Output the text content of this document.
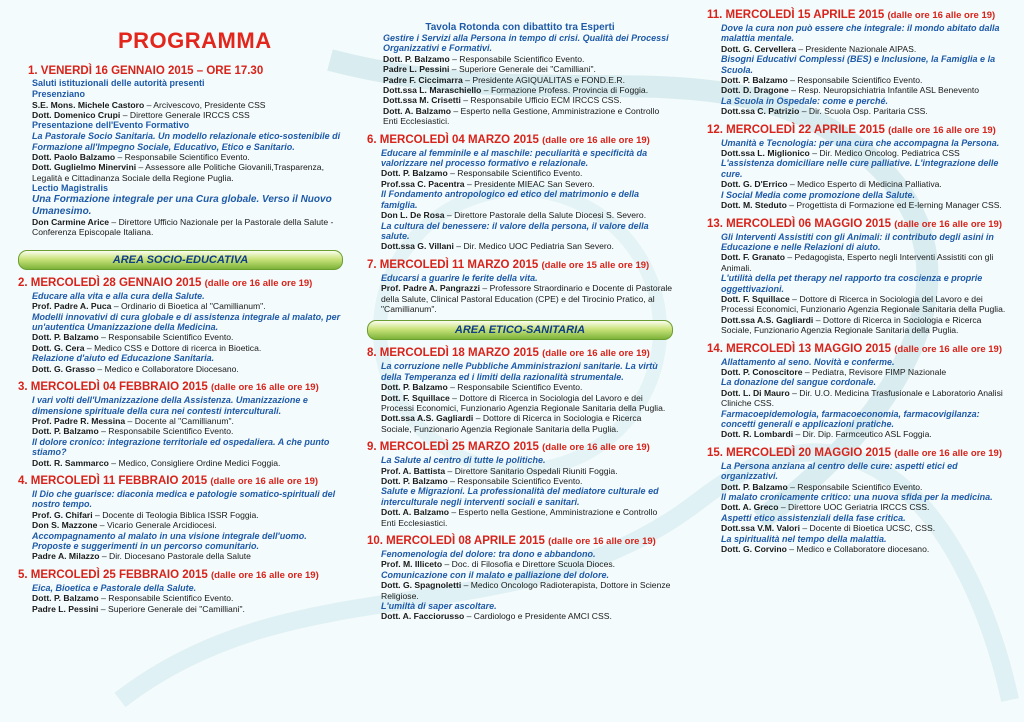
PROGRAMMA
1. VENERDÌ 16 GENNAIO 2015 – ORE 17.30
Saluti istituzionali delle autorità presenti
Presenziano
S.E. Mons. Michele Castoro – Arcivescovo, Presidente CSS
Dott. Domenico Crupi – Direttore Generale IRCCS CSS
Presentazione dell'Evento Formativo
La Pastorale Socio Sanitaria. Un modello relazionale etico-sostenibile di Formazione all'Impegno Sociale, Educativo, Etico e Sanitario.
Dott. Paolo Balzamo – Responsabile Scientifico Evento.
Dott. Guglielmo Minervini – Assessore alle Politiche Giovanili,Trasparenza, Legalità e Cittadinanza Sociale della Regione Puglia.
Lectio Magistralis
Una Formazione integrale per una Cura globale. Verso il Nuovo Umanesimo.
Don Carmine Arice – Direttore Ufficio Nazionale per la Pastorale della Salute - Conferenza Episcopale Italiana.
AREA SOCIO-EDUCATIVA
2. MERCOLEDÌ 28 GENNAIO 2015 (dalle ore 16 alle ore 19)
Educare alla vita e alla cura della Salute.
Prof. Padre A. Puca – Ordinario di Bioetica al "Camillianum".
Modelli innovativi di cura globale e di assistenza integrale al malato, per un'autentica Umanizzazione della Medicina.
Dott. P. Balzamo – Responsabile Scientifico Evento.
Dott. G. Cera – Medico CSS e Dottore di ricerca in Bioetica.
Relazione d'aiuto ed Educazione Sanitaria.
Dott. G. Grasso – Medico e Collaboratore Diocesano.
3. MERCOLEDÌ 04 FEBBRAIO 2015 (dalle ore 16 alle ore 19)
I vari volti dell'Umanizzazione della Assistenza. Umanizzazione e dimensione spirituale della cura nei contesti interculturali.
Prof. Padre R. Messina – Docente al "Camillianum".
Dott. P. Balzamo – Responsabile Scientifico Evento.
Il dolore cronico: integrazione territoriale ed ospedaliera. A che punto stiamo?
Dott. R. Sammarco – Medico, Consigliere Ordine Medici Foggia.
4. MERCOLEDÌ 11 FEBBRAIO 2015 (dalle ore 16 alle ore 19)
Il Dio che guarisce: diaconia medica e patologie somatico-spirituali del nostro tempo.
Prof. G. Chifari – Docente di Teologia Biblica ISSR Foggia.
Don S. Mazzone – Vicario Generale Arcidiocesi.
Accompagnamento al malato in una visione integrale dell'uomo. Proposte e suggerimenti in un percorso comunitario.
Padre A. Milazzo – Dir. Diocesano Pastorale della Salute
5. MERCOLEDÌ 25 FEBBRAIO 2015 (dalle ore 16 alle ore 19)
Eica, Bioetica e Pastorale della Salute.
Dott. P. Balzamo – Responsabile Scientifico Evento.
Padre L. Pessini – Superiore Generale dei "Camilliani".
Tavola Rotonda con dibattito tra Esperti
Gestire i Servizi alla Persona in tempo di crisi. Qualità dei Processi Organizzativi e Formativi.
Dott. P. Balzamo – Responsabile Scientifico Evento.
Padre L. Pessini – Superiore Generale dei "Camilliani".
Padre F. Ciccimarra – Presidente AGIQUALITAS e FOND.E.R.
Dott.ssa L. Maraschiello – Formazione Profess. Provincia di Foggia.
Dott.ssa M. Crisetti – Responsabile Ufficio ECM IRCCS CSS.
Dott. A. Balzamo – Esperto nella Gestione, Amministrazione e Controllo Enti Ecclesiastici.
6. MERCOLEDÌ 04 MARZO 2015 (dalle ore 16 alle ore 19)
Educare al femminile e al maschile: peculiarità e specificità da valorizzare nel processo formativo e relazionale.
Dott. P. Balzamo – Responsabile Scientifico Evento.
Prof.ssa C. Pacentra – Presidente MIEAC San Severo.
Il Fondamento antropologico ed etico del matrimonio e della famiglia.
Don L. De Rosa – Direttore Pastorale della Salute Diocesi S. Severo.
La cultura del benessere: il valore della persona, il valore della salute.
Dott.ssa G. Villani – Dir. Medico UOC Pediatria San Severo.
7. MERCOLEDÌ 11 MARZO 2015 (dalle ore 15 alle ore 19)
Educarsi a guarire le ferite della vita.
Prof. Padre A. Pangrazzi – Professore Straordinario e Docente di Pastorale della Salute, Clinical Pastoral Education (CPE) e del Tirocinio Pratico, al "Camillianum".
AREA ETICO-SANITARIA
8. MERCOLEDÌ 18 MARZO 2015 (dalle ore 16 alle ore 19)
La corruzione nelle Pubbliche Amministrazioni sanitarie. La virtù della Temperanza ed i limiti della razionalità strumentale.
Dott. P. Balzamo – Responsabile Scientifico Evento.
Dott. F. Squillace – Dottore di Ricerca in Sociologia del Lavoro e dei Processi Economici, Funzionario Agenzia Regionale Sanitaria della Puglia.
Dott.ssa A.S. Gagliardi – Dottore di Ricerca in Sociologia e Ricerca Sociale, Funzionario Agenzia Regionale Sanitaria della Puglia.
9. MERCOLEDÌ 25 MARZO 2015 (dalle ore 16 alle ore 19)
La Salute al centro di tutte le politiche.
Prof. A. Battista – Direttore Sanitario Ospedali Riuniti Foggia.
Dott. P. Balzamo – Responsabile Scientifico Evento.
Salute e Migrazioni. La professionalità del mediatore culturale ed interculturale negli interventi sociali e sanitari.
Dott. A. Balzamo – Esperto nella Gestione, Amministrazione e Controllo Enti Ecclesiastici.
10. MERCOLEDÌ 08 APRILE 2015 (dalle ore 16 alle ore 19)
Fenomenologia del dolore: tra dono e abbandono.
Prof. M. Illiceto – Doc. di Filosofia e Direttore Scuola Dioces.
Comunicazione con il malato e palliazione del dolore.
Dott. G. Spagnoletti – Medico Oncologo Radioterapista, Dottore in Scienze Religiose.
L'umiltà di saper ascoltare.
Dott. A. Facciorusso – Cardiologo e Presidente AMCI CSS.
11. MERCOLEDÌ 15 APRILE 2015 (dalle ore 16 alle ore 19)
Dove la cura non può essere che integrale: il mondo abitato dalla malattia mentale.
Dott. G. Cervellera – Presidente Nazionale AIPAS.
Bisogni Educativi Complessi (BES) e Inclusione, la Famiglia e la Scuola.
Dott. P. Balzamo – Responsabile Scientifico Evento.
Dott. D. Dragone – Resp. Neuropsichiatria Infantile ASL Benevento
La Scuola in Ospedale: come e perché.
Dott.ssa C. Patrizio – Dir. Scuola Osp. Paritaria CSS.
12. MERCOLEDÌ 22 APRILE 2015 (dalle ore 16 alle ore 19)
Umanità e Tecnologia: per una cura che accompagna la Persona.
Dott.ssa L. Miglionico – Dir. Medico Oncolog. Pediatrica CSS
L'assistenza domiciliare nelle cure palliative. L'integrazione delle cure.
Dott. G. D'Errico – Medico Esperto di Medicina Palliativa.
I Social Media come promozione della Salute.
Dott. M. Steduto – Progettista di Formazione ed E-lerning Manager CSS.
13. MERCOLEDÌ 06 MAGGIO 2015 (dalle ore 16 alle ore 19)
Gli Interventi Assistiti con gli Animali: il contributo degli asini in Educazione e nelle Relazioni di aiuto.
Dott. F. Granato – Pedagogista, Esperto negli Interventi Assistiti con gli Animali.
L'utilità della pet therapy nel rapporto tra coscienza e proprie oggettivazioni.
Dott. F. Squillace – Dottore di Ricerca in Sociologia del Lavoro e dei Processi Economici, Funzionario Agenzia Regionale Sanitaria della Puglia.
Dott.ssa A.S. Gagliardi – Dottore di Ricerca in Sociologia e Ricerca Sociale, Funzionario Agenzia Regionale Sanitaria della Puglia.
14. MERCOLEDÌ 13 MAGGIO 2015 (dalle ore 16 alle ore 19)
Allattamento al seno. Novità e conferme.
Dott. P. Conoscitore – Pediatra, Revisore FIMP Nazionale
La donazione del sangue cordonale.
Dott. L. Di Mauro – Dir. U.O. Medicina Trasfusionale e Laboratorio Analisi Cliniche CSS.
Farmacoepidemologia, farmacoeconomia, farmacovigilanza: concetti generali e applicazioni pratiche.
Dott. R. Lombardi – Dir. Dip. Farmceutico ASL Foggia.
15. MERCOLEDÌ 20 MAGGIO 2015 (dalle ore 16 alle ore 19)
La Persona anziana al centro delle cure: aspetti etici ed organizzativi.
Dott. P. Balzamo – Responsabile Scientifico Evento.
Il malato cronicamente critico: una nuova sfida per la medicina.
Dott. A. Greco – Direttore UOC Geriatria IRCCS CSS.
Aspetti etico assistenziali della fase critica.
Dott.ssa V.M. Valori – Docente di Bioetica UCSC, CSS.
La spiritualità nel tempo della malattia.
Dott. G. Corvino – Medico e Collaboratore diocesano.
